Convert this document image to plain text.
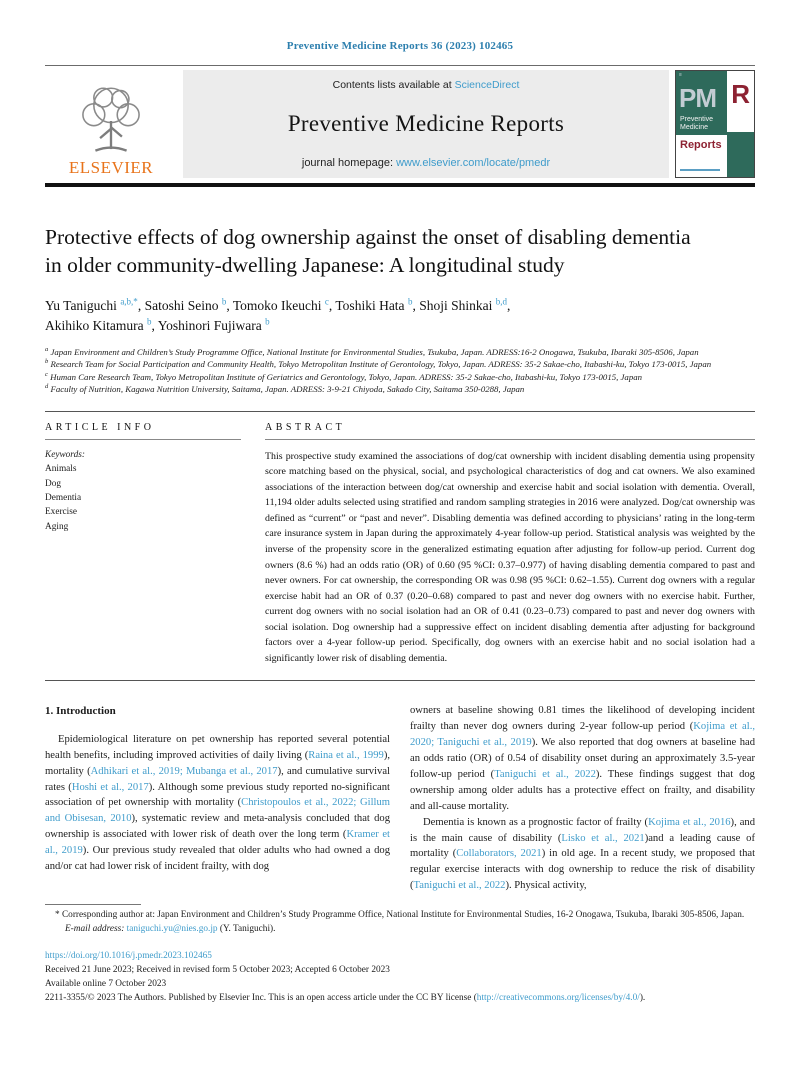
Preventive Medicine Reports 36 (2023) 102465
ELSEVIER
Contents lists available at ScienceDirect
Preventive Medicine Reports
journal homepage: www.elsevier.com/locate/pmedr
≡
PM
Preventive
Medicine
Reports
R
Protective effects of dog ownership against the onset of disabling dementia
in older community-dwelling Japanese: A longitudinal study
Yu Taniguchi $^{a,b,*}$, Satoshi Seino $^b$, Tomoko Ikeuchi $^c$, Toshiki Hata $^b$, Shoji Shinkai $^{b,d}$,
Akihiko Kitamura $^b$, Yoshinori Fujiwara $^b$

$^a$ Japan Environment and Children’s Study Programme Office, National Institute for Environmental Studies, Tsukuba, Japan. ADRESS:16-2 Onogawa, Tsukuba, Ibaraki 305-8506, Japan

$^b$ Research Team for Social Participation and Community Health, Tokyo Metropolitan Institute of Gerontology, Tokyo, Japan. ADRESS: 35-2 Sakae-cho, Itabashi-ku, Tokyo 173-0015, Japan

$^c$ Human Care Research Team, Tokyo Metropolitan Institute of Geriatrics and Gerontology, Tokyo, Japan. ADRESS: 35-2 Sakae-cho, Itabashi-ku, Tokyo 173-0015, Japan

$^d$ Faculty of Nutrition, Kagawa Nutrition University, Saitama, Japan. ADRESS: 3-9-21 Chiyoda, Sakado City, Saitama 350-0288, Japan

ARTICLE INFO
Keywords:
Animals
Dog
Dementia
Exercise
Aging
ABSTRACT
This prospective study examined the associations of dog/cat ownership with incident disabling dementia using propensity score matching based on the physical, social, and psychological characteristics of dog and cat owners. We also examined associations of the interaction between dog/cat ownership and exercise habit and social isolation with dementia. Overall, 11,194 older adults selected using stratified and random sampling strategies in 2016 were analyzed. Dog/cat ownership was defined as “current” or “past and never”. Disabling dementia was defined according to physicians’ rating in the long-term care insurance system in Japan during the approximately 4-year follow-up period. Statistical analysis was weighted by the inverse of the propensity score in the generalized estimating equation after adjusting for follow-up period. Current dog owners (8.6 %) had an odds ratio (OR) of 0.60 (95 %CI: 0.37–0.977) of having disabling dementia compared to past and never owners. For cat ownership, the corresponding OR was 0.98 (95 %CI: 0.62–1.55). Current dog owners with a regular exercise habit had an OR of 0.37 (0.20–0.68) compared to past and never dog owners with no exercise habit. Further, current dog owners with no social isolation had an OR of 0.41 (0.23–0.73) compared to past and never dog owners with social isolation. Dog ownership had a suppressive effect on incident disabling dementia after adjusting for background factors over a 4-year follow-up period. Specifically, dog owners with an exercise habit and no social isolation had a significantly lower risk of disabling dementia.
1. Introduction

Epidemiological literature on pet ownership has reported several potential health benefits, including improved activities of daily living (Raina et al., 1999), mortality (Adhikari et al., 2019; Mubanga et al., 2017), and cumulative survival rates (Hoshi et al., 2017). Although some previous study reported no-significant association of pet ownership with mortality (Christopoulos et al., 2022; Gillum and Obisesan, 2010), systematic review and meta-analysis concluded that dog ownership is associated with lower risk of death over the long term (Kramer et al., 2019). Our previous study revealed that older adults who had owned a dog and/or cat had lower risk of incident frailty, with dog

owners at baseline showing 0.81 times the likelihood of developing incident frailty than never dog owners during 2-year follow-up period (Kojima et al., 2020; Taniguchi et al., 2019). We also reported that dog owners at baseline had an odds ratio (OR) of 0.54 of disability onset during an approximately 3.5-year follow-up period (Taniguchi et al., 2022). These findings suggest that dog ownership among older adults has a protective effect on frailty, and disability and all-cause mortality.

Dementia is known as a prognostic factor of frailty (Kojima et al., 2016), and is the main cause of disability (Lisko et al., 2021)and a leading cause of mortality (Collaborators, 2021) in old age. In a recent study, we proposed that regular exercise interacts with dog ownership to reduce the risk of disability (Taniguchi et al., 2022). Physical activity,

* Corresponding author at: Japan Environment and Children’s Study Programme Office, National Institute for Environmental Studies, 16-2 Onogawa, Tsukuba, Ibaraki 305-8506, Japan.
E-mail address: taniguchi.yu@nies.go.jp (Y. Taniguchi).
https://doi.org/10.1016/j.pmedr.2023.102465
Received 21 June 2023; Received in revised form 5 October 2023; Accepted 6 October 2023
Available online 7 October 2023
2211-3355/© 2023 The Authors. Published by Elsevier Inc. This is an open access article under the CC BY license (http://creativecommons.org/licenses/by/4.0/).
